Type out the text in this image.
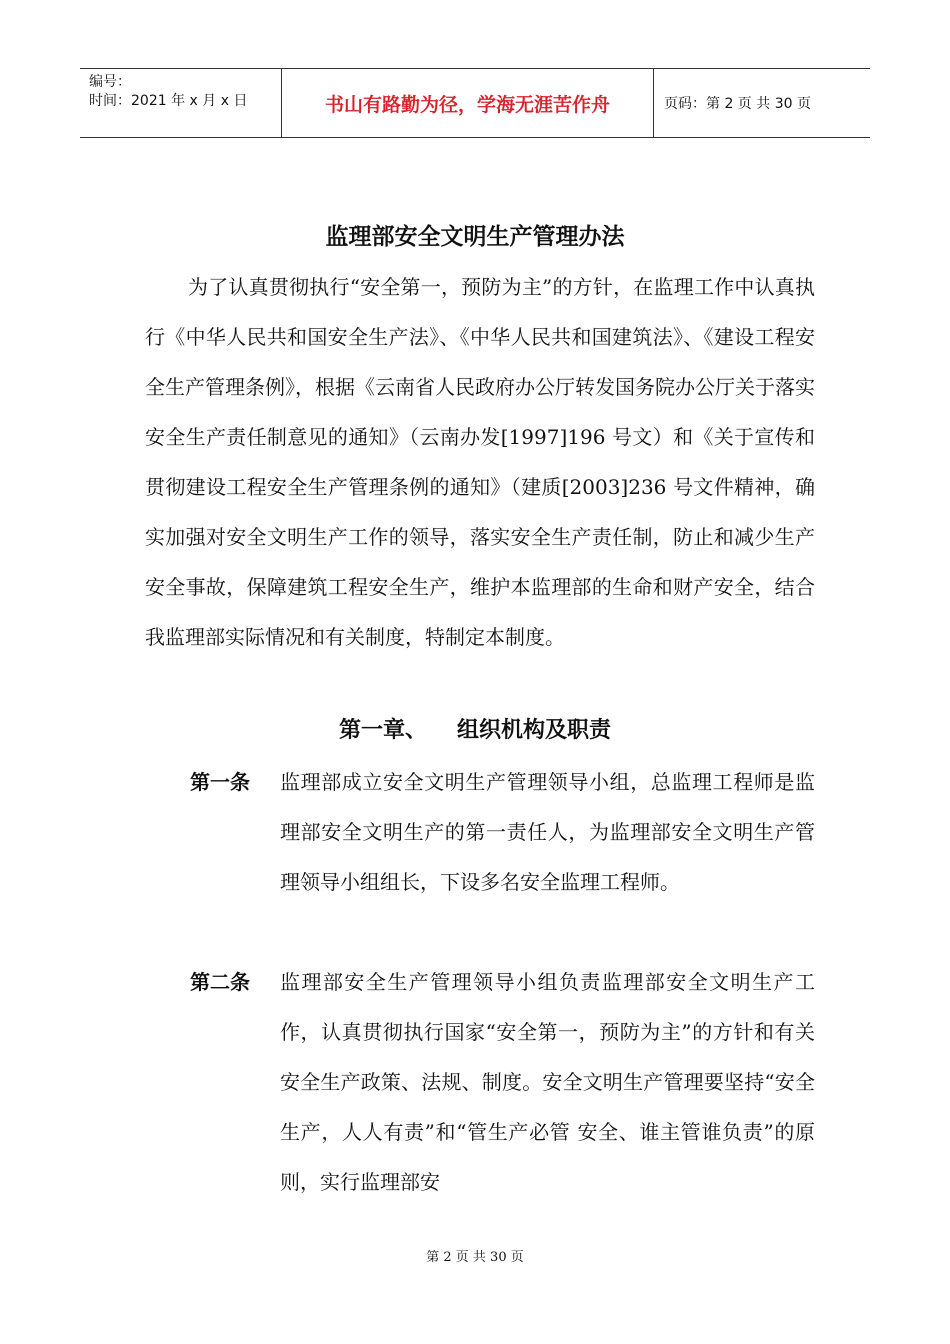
编号：
时间：2021 年 x 月 x 日	书山有路勤为径，学海无涯苦作舟	页码：第 2 页 共 30 页
监理部安全文明生产管理办法

为了认真贯彻执行“安全第一，预防为主”的方针，在监理工作中认真执行《中华人民共和国安全生产法》、《中华人民共和国建筑法》、《建设工程安全生产管理条例》，根据《云南省人民政府办公厅转发国务院办公厅关于落实安全生产责任制意见的通知》（云南办发[1997]196 号文）和《关于宣传和贯彻建设工程安全生产管理条例的通知》（建质[2003]236 号文件精神，确实加强对安全文明生产工作的领导，落实安全生产责任制，防止和减少生产安全事故，保障建筑工程安全生产，维护本监理部的生命和财产安全，结合我监理部实际情况和有关制度，特制定本制度。

第一章、 组织机构及职责
第一条	监理部成立安全文明生产管理领导小组，总监理工程师是监理部安全文明生产的第一责任人，为监理部安全文明生产管理领导小组组长，下设多名安全监理工程师。

第二条	监理部安全生产管理领导小组负责监理部安全文明生产工作，认真贯彻执行国家“安全第一，预防为主”的方针和有关安全生产政策、法规、制度。安全文明生产管理要坚持“安全生产，人人有责”和“管生产必管 安全、谁主管谁负责”的原则，实行监理部安

第 2 页 共 30 页
